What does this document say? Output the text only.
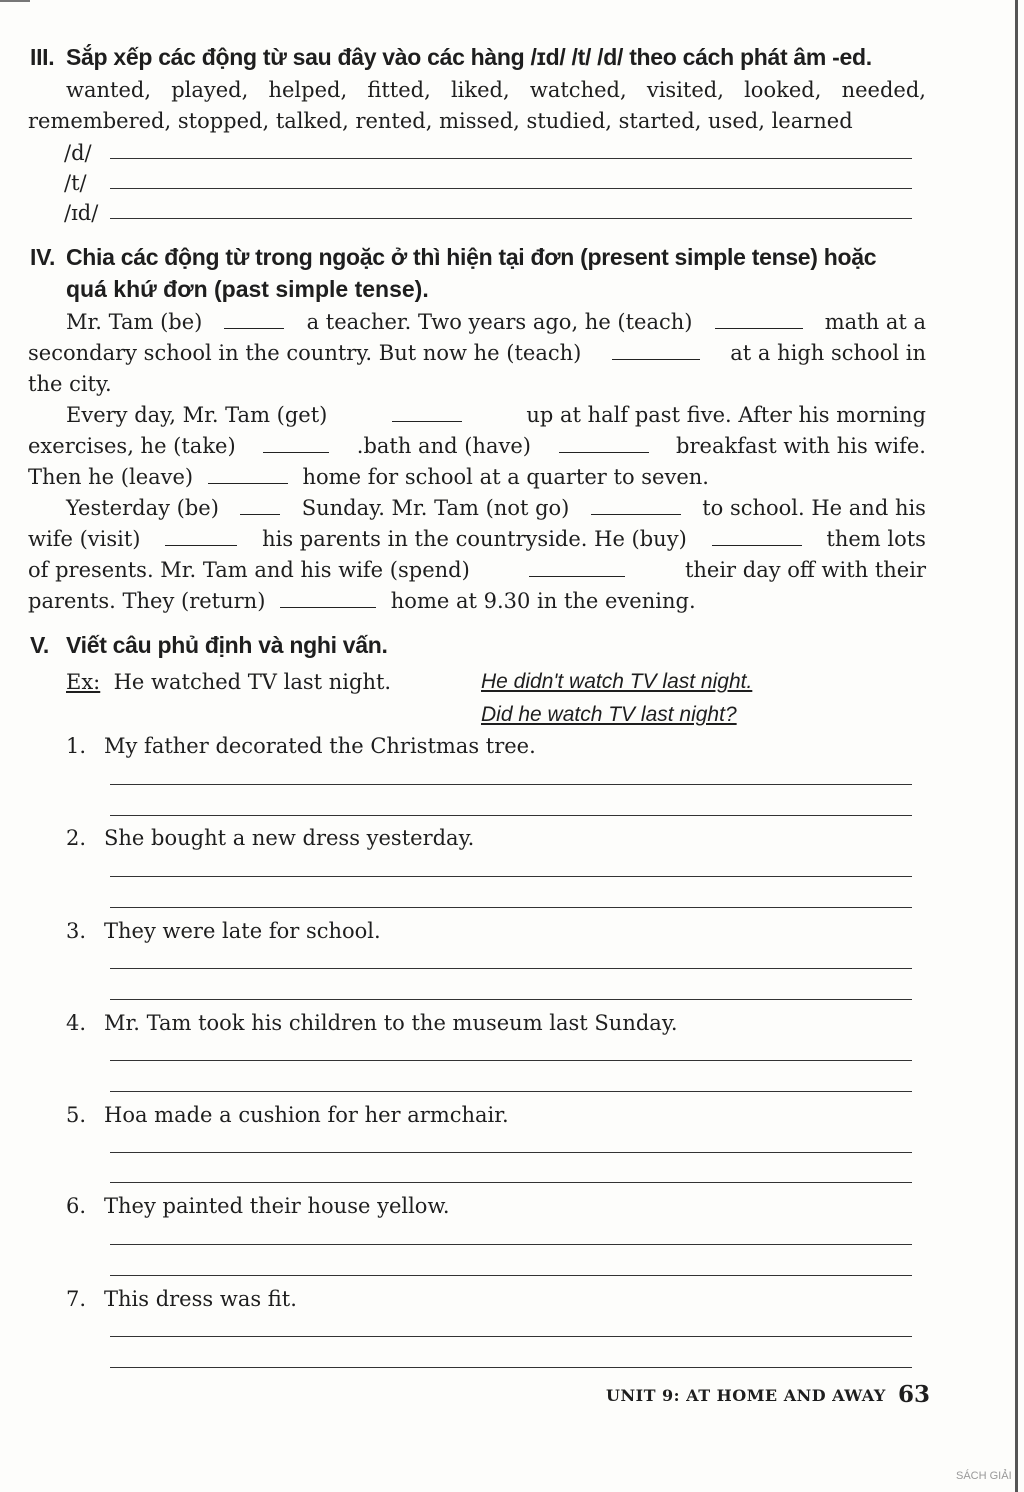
III. Sắp xếp các động từ sau đây vào các hàng /ɪd/ /t/ /d/ theo cách phát âm -ed.
wanted, played, helped, fitted, liked, watched, visited, looked, needed,
remembered, stopped, talked, rented, missed, studied, started, used, learned
/d/
/t/
/ɪd/
IV. Chia các động từ trong ngoặc ở thì hiện tại đơn (present simple tense) hoặc
quá khứ đơn (past simple tense).
Mr. Tam (be)	a teacher. Two years ago, he (teach)	math at a
secondary school in the country. But now he (teach)	at a high school in
the city.
Every day, Mr. Tam (get)	up at half past five. After his morning
exercises, he (take)	.bath and (have)	breakfast with his wife.
Then he (leave)	home for school at a quarter to seven.
Yesterday (be)	Sunday. Mr. Tam (not go)	to school. He and his
wife (visit)	his parents in the countryside. He (buy)	them lots
of presents. Mr. Tam and his wife (spend)	their day off with their
parents. They (return)	home at 9.30 in the evening.
V. Viết câu phủ định và nghi vấn.
Ex: He watched TV last night.	He didn't watch TV last night.
Did he watch TV last night?
1. My father decorated the Christmas tree.
2. She bought a new dress yesterday.
3. They were late for school.
4. Mr. Tam took his children to the museum last Sunday.
5. Hoa made a cushion for her armchair.
6. They painted their house yellow.
7. This dress was fit.
UNIT 9: AT HOME AND AWAY 63
SÁCH GIẢI
